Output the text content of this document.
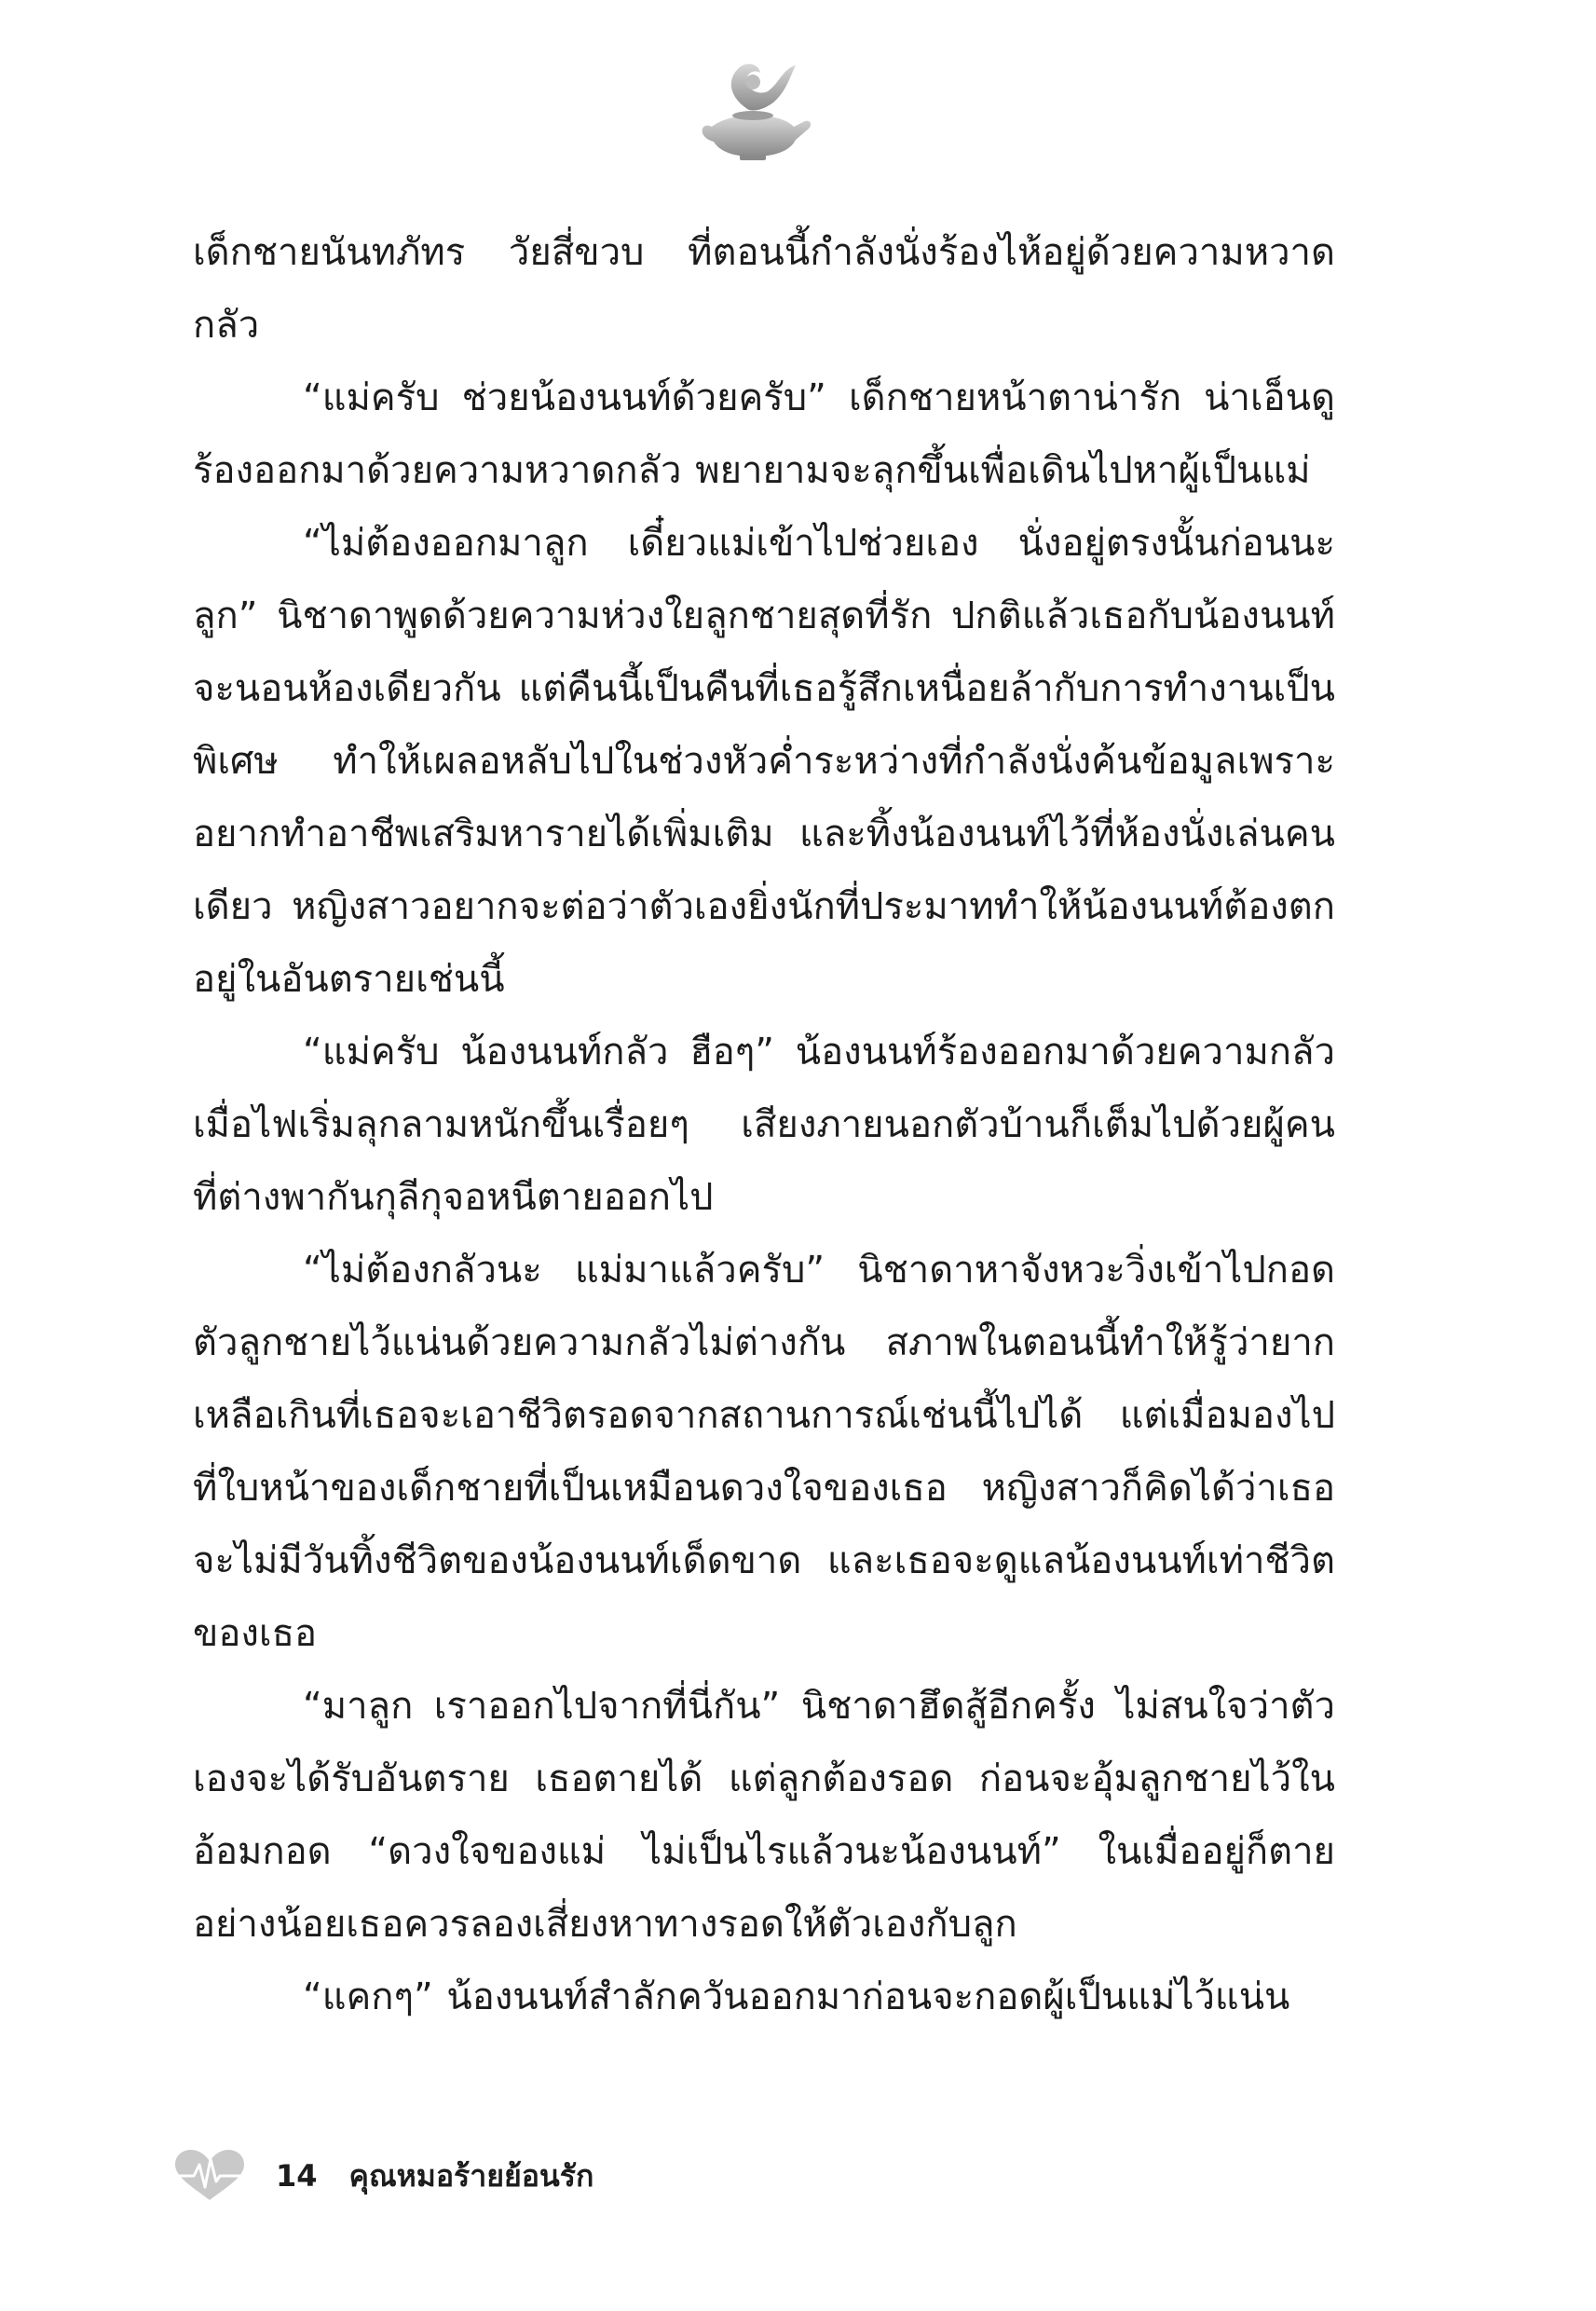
เด็กชายนันทภัทร วัยสี่ขวบ ที่ตอนนี้กำลังนั่งร้องไห้อยู่ด้วยความหวาดกลัว

“แม่ครับ ช่วยน้องนนท์ด้วยครับ” เด็กชายหน้าตาน่ารัก น่าเอ็นดูร้องออกมาด้วยความหวาดกลัว พยายามจะลุกขึ้นเพื่อเดินไปหาผู้เป็นแม่

“ไม่ต้องออกมาลูก เดี๋ยวแม่เข้าไปช่วยเอง นั่งอยู่ตรงนั้นก่อนนะลูก” นิชาดาพูดด้วยความห่วงใยลูกชายสุดที่รัก ปกติแล้วเธอกับน้องนนท์จะนอนห้องเดียวกัน แต่คืนนี้เป็นคืนที่เธอรู้สึกเหนื่อยล้ากับการทำงานเป็นพิเศษ ทำให้เผลอหลับไปในช่วงหัวค่ำระหว่างที่กำลังนั่งค้นข้อมูลเพราะอยากทำอาชีพเสริมหารายได้เพิ่มเติม และทิ้งน้องนนท์ไว้ที่ห้องนั่งเล่นคนเดียว หญิงสาวอยากจะต่อว่าตัวเองยิ่งนักที่ประมาททำให้น้องนนท์ต้องตกอยู่ในอันตรายเช่นนี้

“แม่ครับ น้องนนท์กลัว ฮือๆ” น้องนนท์ร้องออกมาด้วยความกลัวเมื่อไฟเริ่มลุกลามหนักขึ้นเรื่อยๆ เสียงภายนอกตัวบ้านก็เต็มไปด้วยผู้คน ที่ต่างพากันกุลีกุจอหนีตายออกไป

“ไม่ต้องกลัวนะ แม่มาแล้วครับ” นิชาดาหาจังหวะวิ่งเข้าไปกอดตัวลูกชายไว้แน่นด้วยความกลัวไม่ต่างกัน สภาพในตอนนี้ทำให้รู้ว่ายากเหลือเกินที่เธอจะเอาชีวิตรอดจากสถานการณ์เช่นนี้ไปได้ แต่เมื่อมองไปที่ใบหน้าของเด็กชายที่เป็นเหมือนดวงใจของเธอ หญิงสาวก็คิดได้ว่าเธอจะไม่มีวันทิ้งชีวิตของน้องนนท์เด็ดขาด และเธอจะดูแลน้องนนท์เท่าชีวิตของเธอ

“มาลูก เราออกไปจากที่นี่กัน” นิชาดาฮึดสู้อีกครั้ง ไม่สนใจว่าตัวเองจะได้รับอันตราย เธอตายได้ แต่ลูกต้องรอด ก่อนจะอุ้มลูกชายไว้ในอ้อมกอด “ดวงใจของแม่ ไม่เป็นไรแล้วนะน้องนนท์” ในเมื่ออยู่ก็ตาย อย่างน้อยเธอควรลองเสี่ยงหาทางรอดให้ตัวเองกับลูก

“แคกๆ” น้องนนท์สำลักควันออกมาก่อนจะกอดผู้เป็นแม่ไว้แน่น

14 คุณหมอร้ายย้อนรัก
